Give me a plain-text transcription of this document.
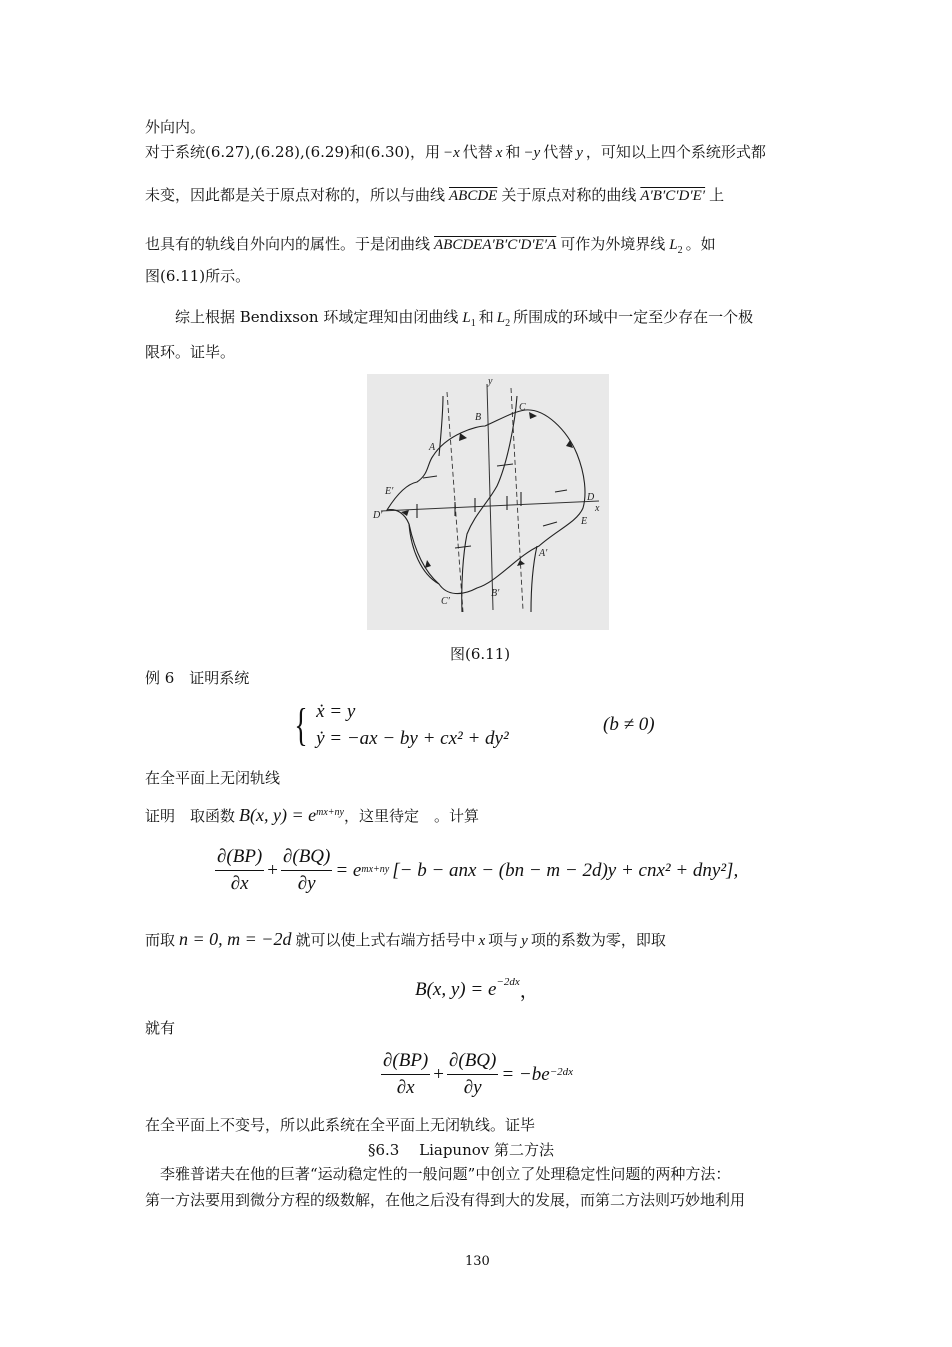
外向内。
对于系统(6.27),(6.28),(6.29)和(6.30)，用 −x 代替 x 和 −y 代替 y ，可知以上四个系统形式都
未变，因此都是关于原点对称的，所以与曲线 ABCDE 关于原点对称的曲线 A′B′C′D′E′ 上
也具有的轨线自外向内的属性。于是闭曲线 ABCDEA′B′C′D′E′A 可作为外境界线 $L_2$ 。如
图(6.11)所示。
综上根据 Bendixson 环域定理知由闭曲线 $L_1$ 和 $L_2$ 所围成的环域中一定至少存在一个极
限环。证毕。
y
x
A
B
C
D
E
E′
D′
A′
B′
C′
图(6.11)
例 6　证明系统
{ ẋ = y
ẏ = −ax − by + cx² + dy²
(b ≠ 0)
在全平面上无闭轨线
证明　取函数 B(x, $y) = e^{mx+ny}$，这里待定　。计算
$\frac{\partial(BP)}{\partial x} + \frac{\partial(BQ)}{\partial y} = e$ mx+ny [− b − anx − (bn − m − 2d)y + cnx² + dny²],
而取 n = 0, m = −2d 就可以使上式右端方括号中 x 项与 y 项的系数为零，即取
B(x, $y) = e^{-2dx}$ ，
就有
$\frac{\partial(BP)}{\partial x} + \frac{\partial(BQ)}{\partial y} = -be -2dx$
在全平面上不变号，所以此系统在全平面上无闭轨线。证毕
§6.3　 Liapunov 第二方法
李雅普诺夫在他的巨著“运动稳定性的一般问题”中创立了处理稳定性问题的两种方法：
第一方法要用到微分方程的级数解，在他之后没有得到大的发展，而第二方法则巧妙地利用
130
